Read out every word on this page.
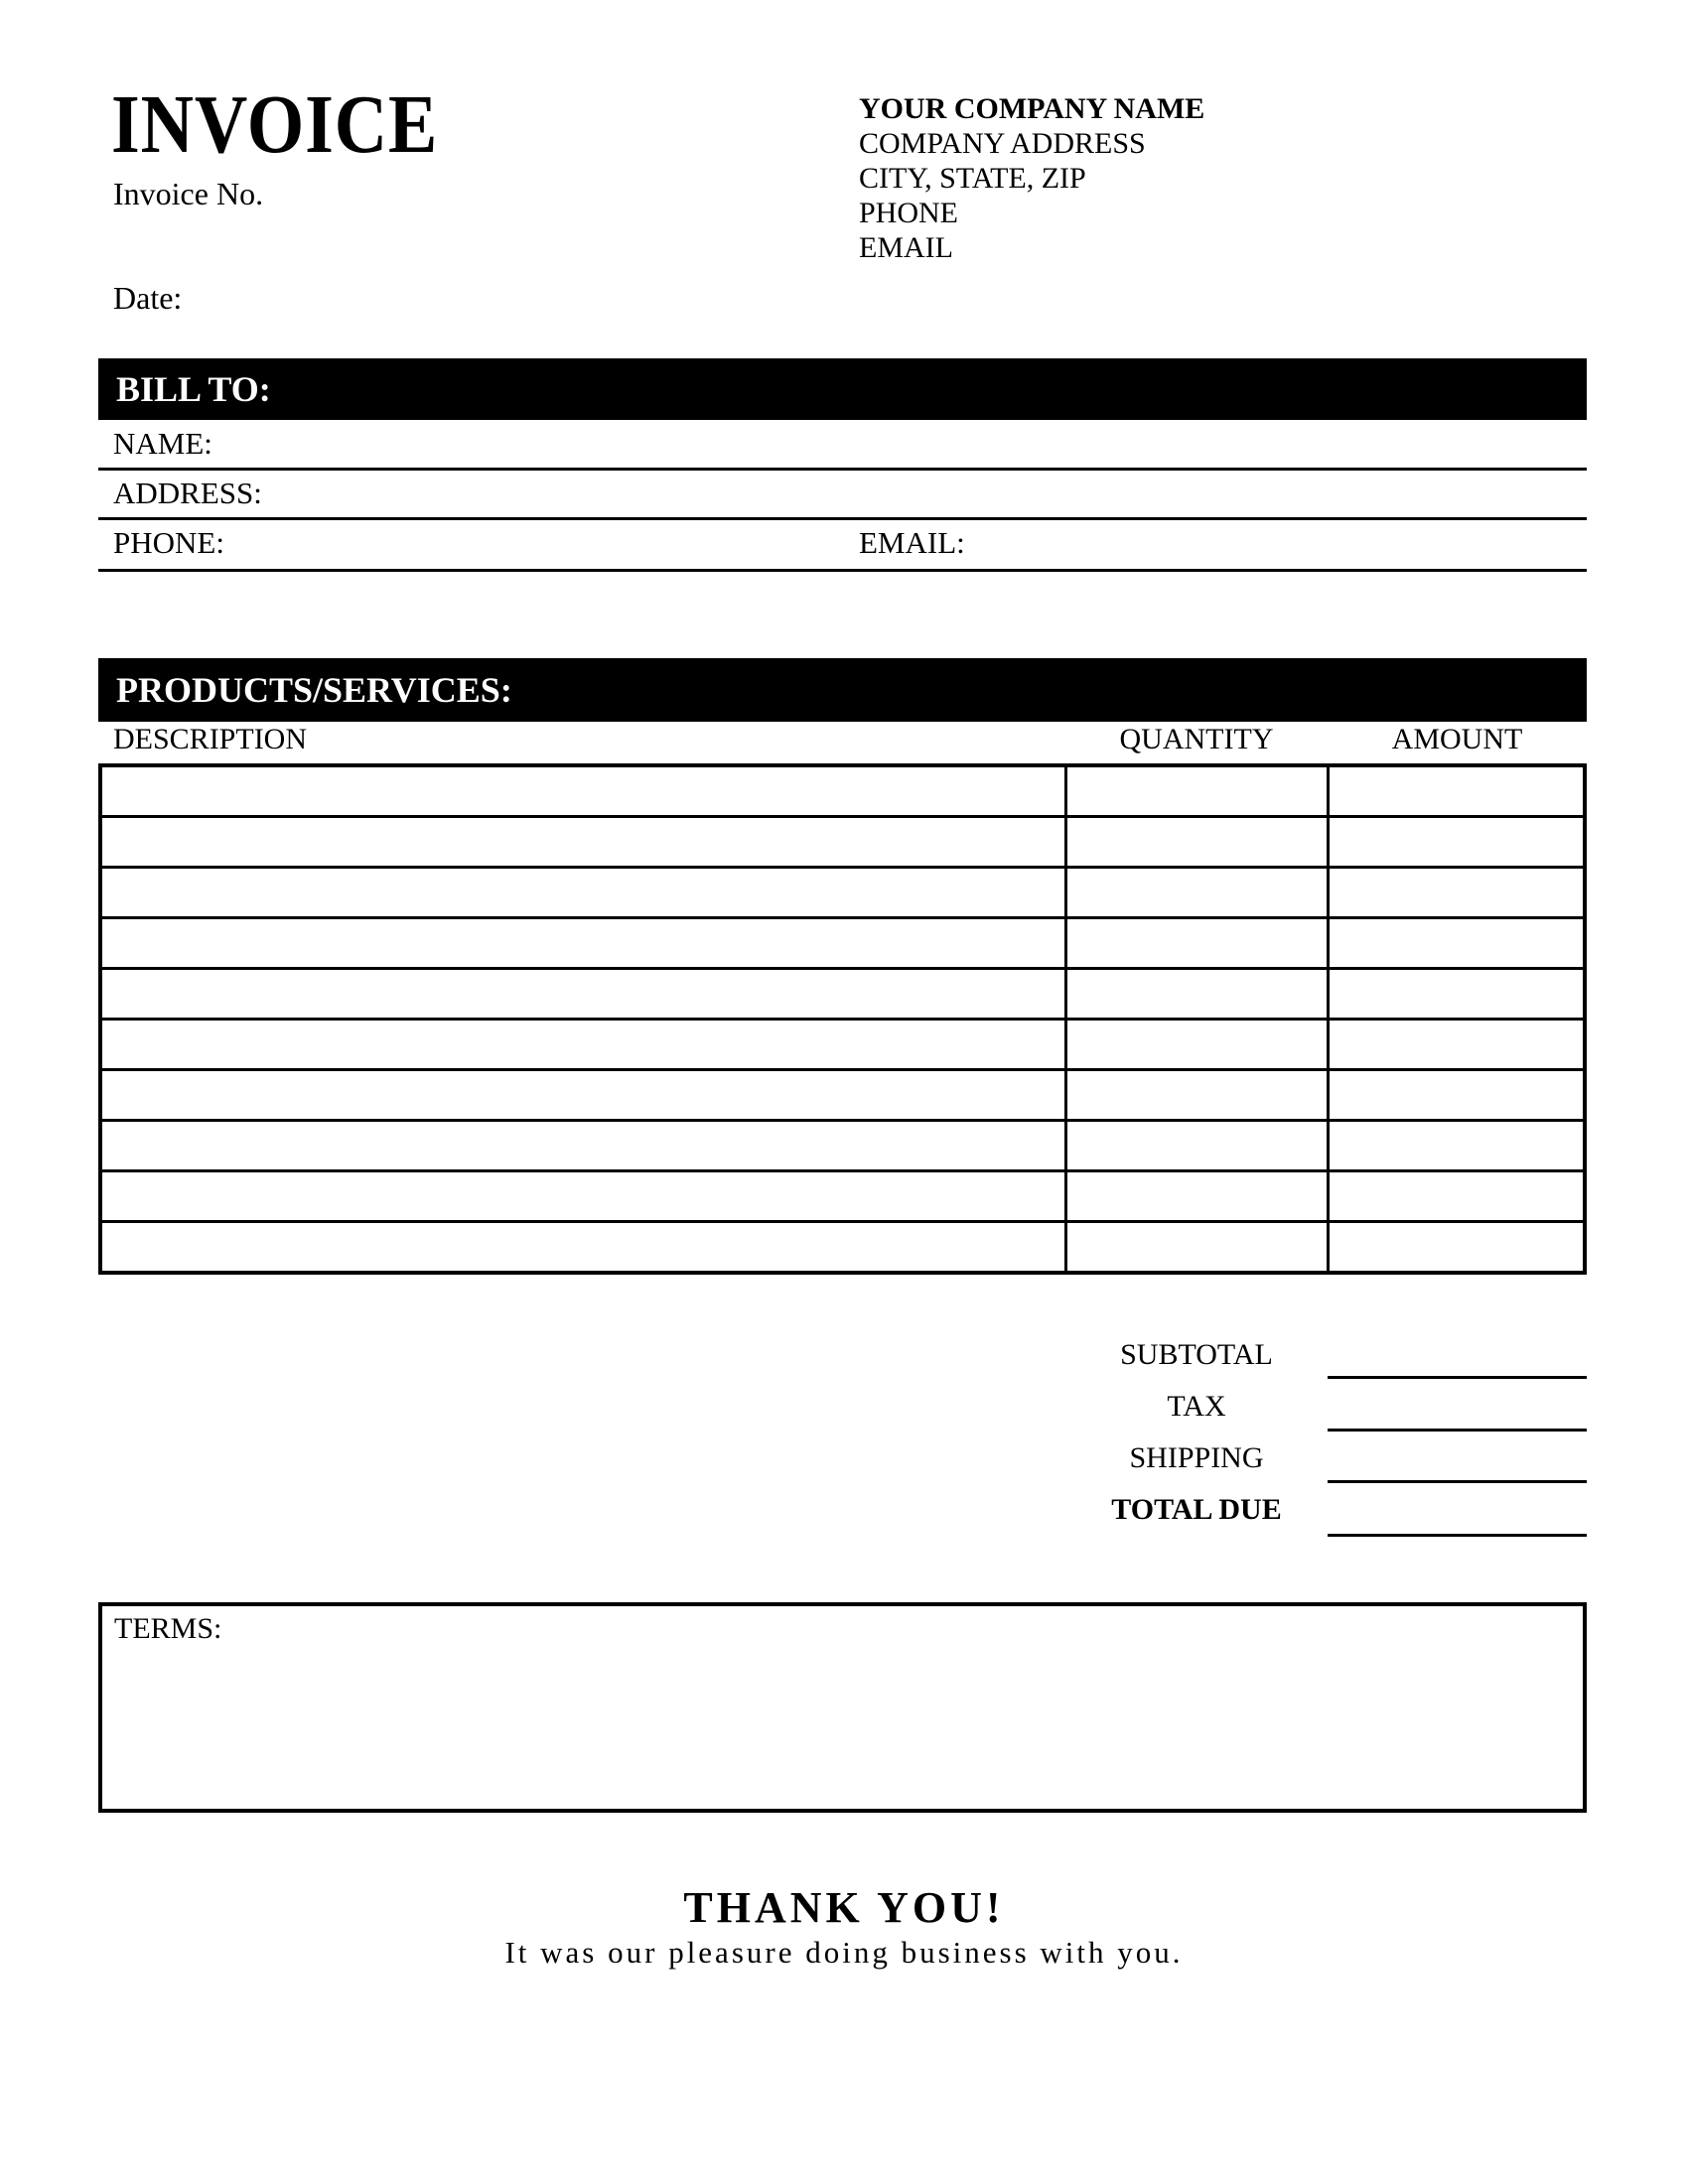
INVOICE
Invoice No.
Date:
YOUR COMPANY NAME
COMPANY ADDRESS
CITY, STATE, ZIP
PHONE
EMAIL
BILL TO:
NAME:
ADDRESS:
PHONE:	EMAIL:
PRODUCTS/SERVICES:
DESCRIPTION	QUANTITY	AMOUNT

SUBTOTAL
TAX
SHIPPING
TOTAL DUE
TERMS:
THANK YOU!
It was our pleasure doing business with you.
